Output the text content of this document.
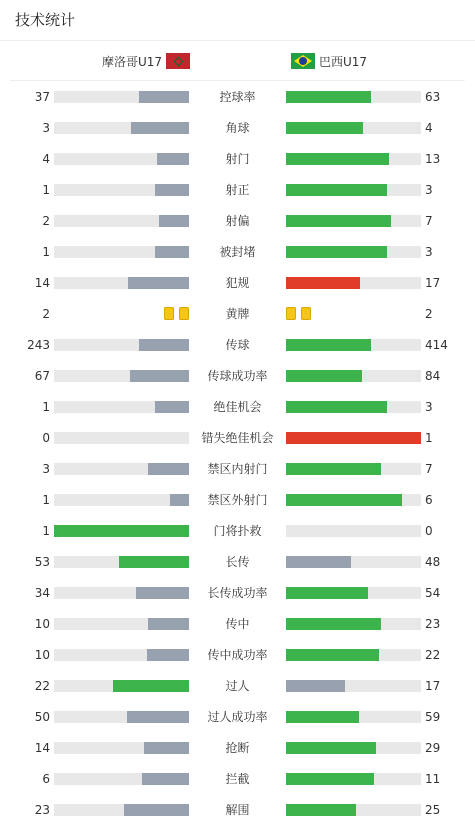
技术统计
摩洛哥U17	巴西U17
37	控球率	63
3	角球	4
4	射门	13
1	射正	3
2	射偏	7
1	被封堵	3
14	犯规	17
2	黄牌	2
243	传球	414
67	传球成功率	84
1	绝佳机会	3
0	错失绝佳机会	1
3	禁区内射门	7
1	禁区外射门	6
1	门将扑救	0
53	长传	48
34	长传成功率	54
10	传中	23
10	传中成功率	22
22	过人	17
50	过人成功率	59
14	抢断	29
6	拦截	11
23	解围	25
